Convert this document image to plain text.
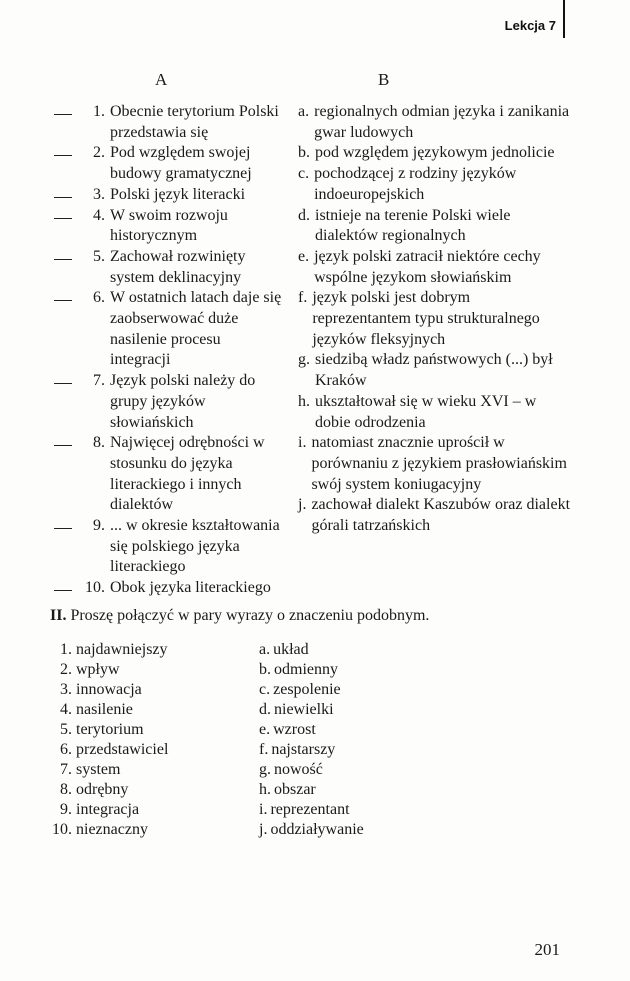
Lekcja 7
A	B
1. Obecnie terytorium Polski przedstawia się
2. Pod względem swojej budowy gramatycznej
3. Polski język literacki
4. W swoim rozwoju historycznym
5. Zachował rozwinięty system deklinacyjny
6. W ostatnich latach daje się zaobserwować duże nasilenie procesu integracji
7. Język polski należy do grupy języków słowiańskich
8. Najwięcej odrębności w stosunku do języka literackiego i innych dialektów
9. ... w okresie kształtowania się polskiego języka literackiego
10. Obok języka literackiego
a. regionalnych odmian języka i zanikania gwar ludowych
b. pod względem językowym jednolicie
c. pochodzącej z rodziny języków indoeuropejskich
d. istnieje na terenie Polski wiele dialektów regionalnych
e. język polski zatracił niektóre cechy wspólne językom słowiańskim
f. język polski jest dobrym reprezentantem typu strukturalnego języków fleksyjnych
g. siedzibą władz państwowych (...) był Kraków
h. ukształtował się w wieku XVI – w dobie odrodzenia
i. natomiast znacznie uprościł w porównaniu z językiem prasłowiańskim swój system koniugacyjny
j. zachował dialekt Kaszubów oraz dialekt górali tatrzańskich
II. Proszę połączyć w pary wyrazy o znaczeniu podobnym.
1. najdawniejszy
2. wpływ
3. innowacja
4. nasilenie
5. terytorium
6. przedstawiciel
7. system
8. odrębny
9. integracja
10. nieznaczny
a. układ
b. odmienny
c. zespolenie
d. niewielki
e. wzrost
f. najstarszy
g. nowość
h. obszar
i. reprezentant
j. oddziaływanie
201
